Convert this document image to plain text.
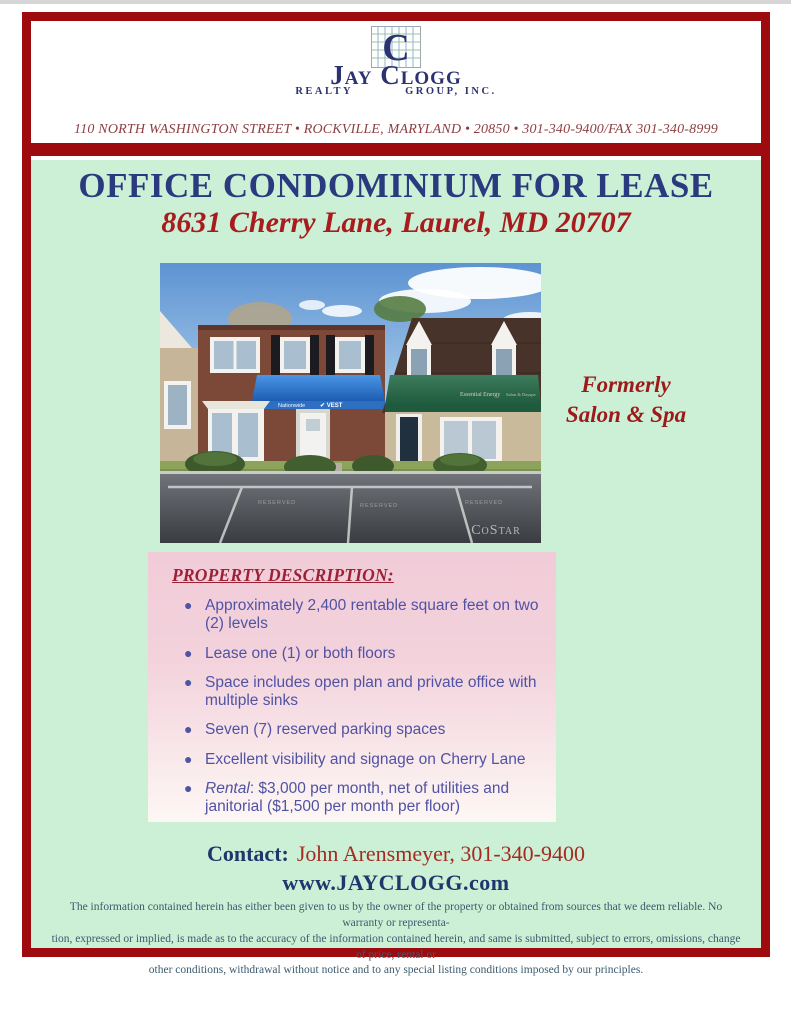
C
Jay Clogg
REALTY	GROUP, INC.
110 NORTH WASHINGTON STREET • ROCKVILLE, MARYLAND • 20850 • 301-340-9400/FAX 301-340-8999
OFFICE CONDOMINIUM FOR LEASE
8631 Cherry Lane, Laurel, MD 20707
Nationwide ✔ VEST
Essential Energy Salon & Dayspa
RESERVED	RESERVED	RESERVED
CoStar
Formerly
Salon & Spa
PROPERTY DESCRIPTION:
● Approximately 2,400 rentable square feet on two (2) levels
● Lease one (1) or both floors
● Space includes open plan and private office with multiple sinks
● Seven (7) reserved parking spaces
● Excellent visibility and signage on Cherry Lane
● Rental: $3,000 per month, net of utilities and janitorial ($1,500 per month per floor)
Contact: John Arensmeyer, 301-340-9400
www.JAYCLOGG.com
The information contained herein has either been given to us by the owner of the property or obtained from sources that we deem reliable. No warranty or representa-
tion, expressed or implied, is made as to the accuracy of the information contained herein, and same is submitted, subject to errors, omissions, change of price, rental or
other conditions, withdrawal without notice and to any special listing conditions imposed by our principles.
